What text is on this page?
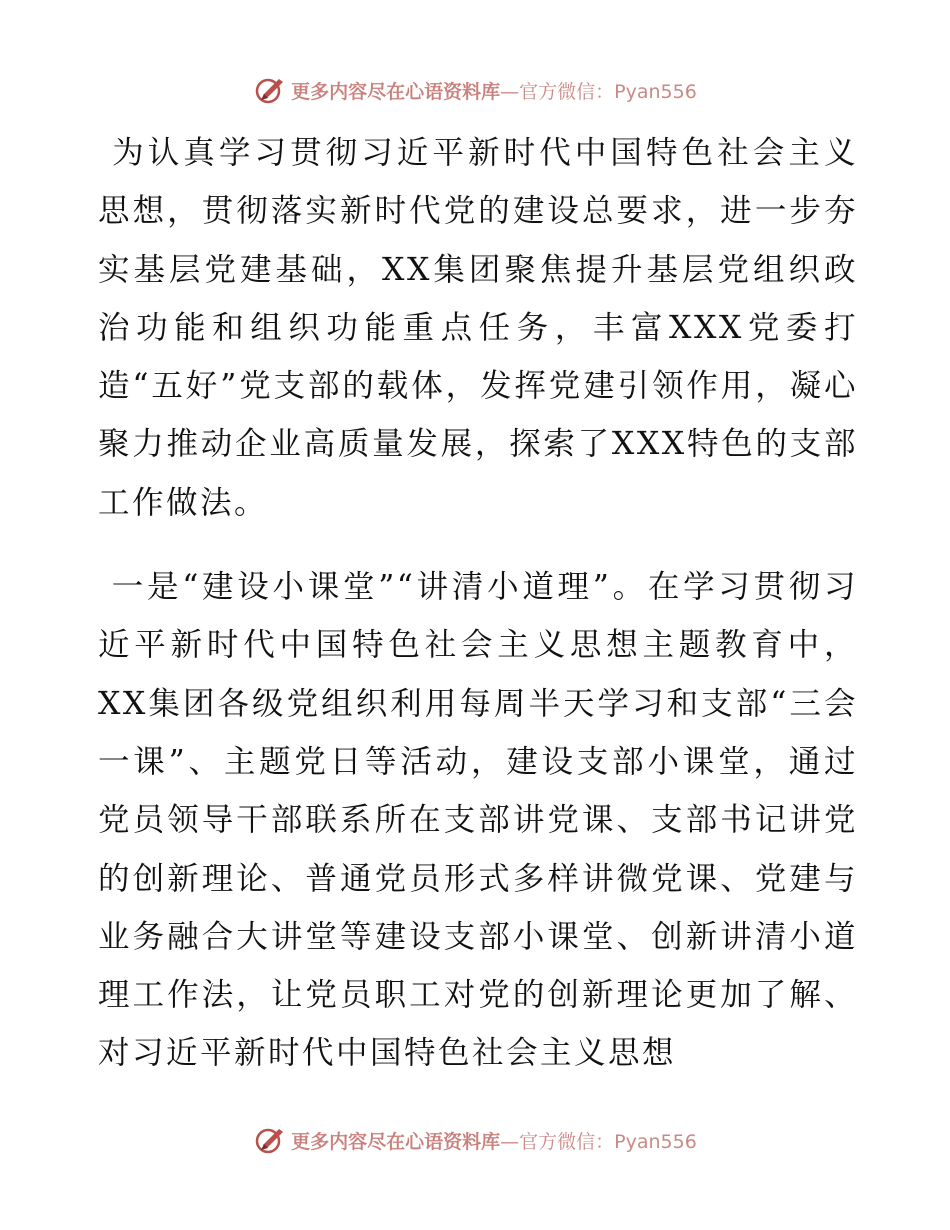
更多内容尽在心语资料库—官方微信：Pyan556

为认真学习贯彻习近平新时代中国特色社会主义思想，贯彻落实新时代党的建设总要求，进一步夯实基层党建基础，XX集团聚焦提升基层党组织政治功能和组织功能重点任务，丰富XXX党委打造“五好”党支部的载体，发挥党建引领作用，凝心聚力推动企业高质量发展，探索了XXX特色的支部工作做法。

一是“建设小课堂”“讲清小道理”。在学习贯彻习近平新时代中国特色社会主义思想主题教育中，XX集团各级党组织利用每周半天学习和支部“三会一课”、主题党日等活动，建设支部小课堂，通过党员领导干部联系所在支部讲党课、支部书记讲党的创新理论、普通党员形式多样讲微党课、党建与业务融合大讲堂等建设支部小课堂、创新讲清小道理工作法，让党员职工对党的创新理论更加了解、对习近平新时代中国特色社会主义思想

更多内容尽在心语资料库—官方微信：Pyan556
